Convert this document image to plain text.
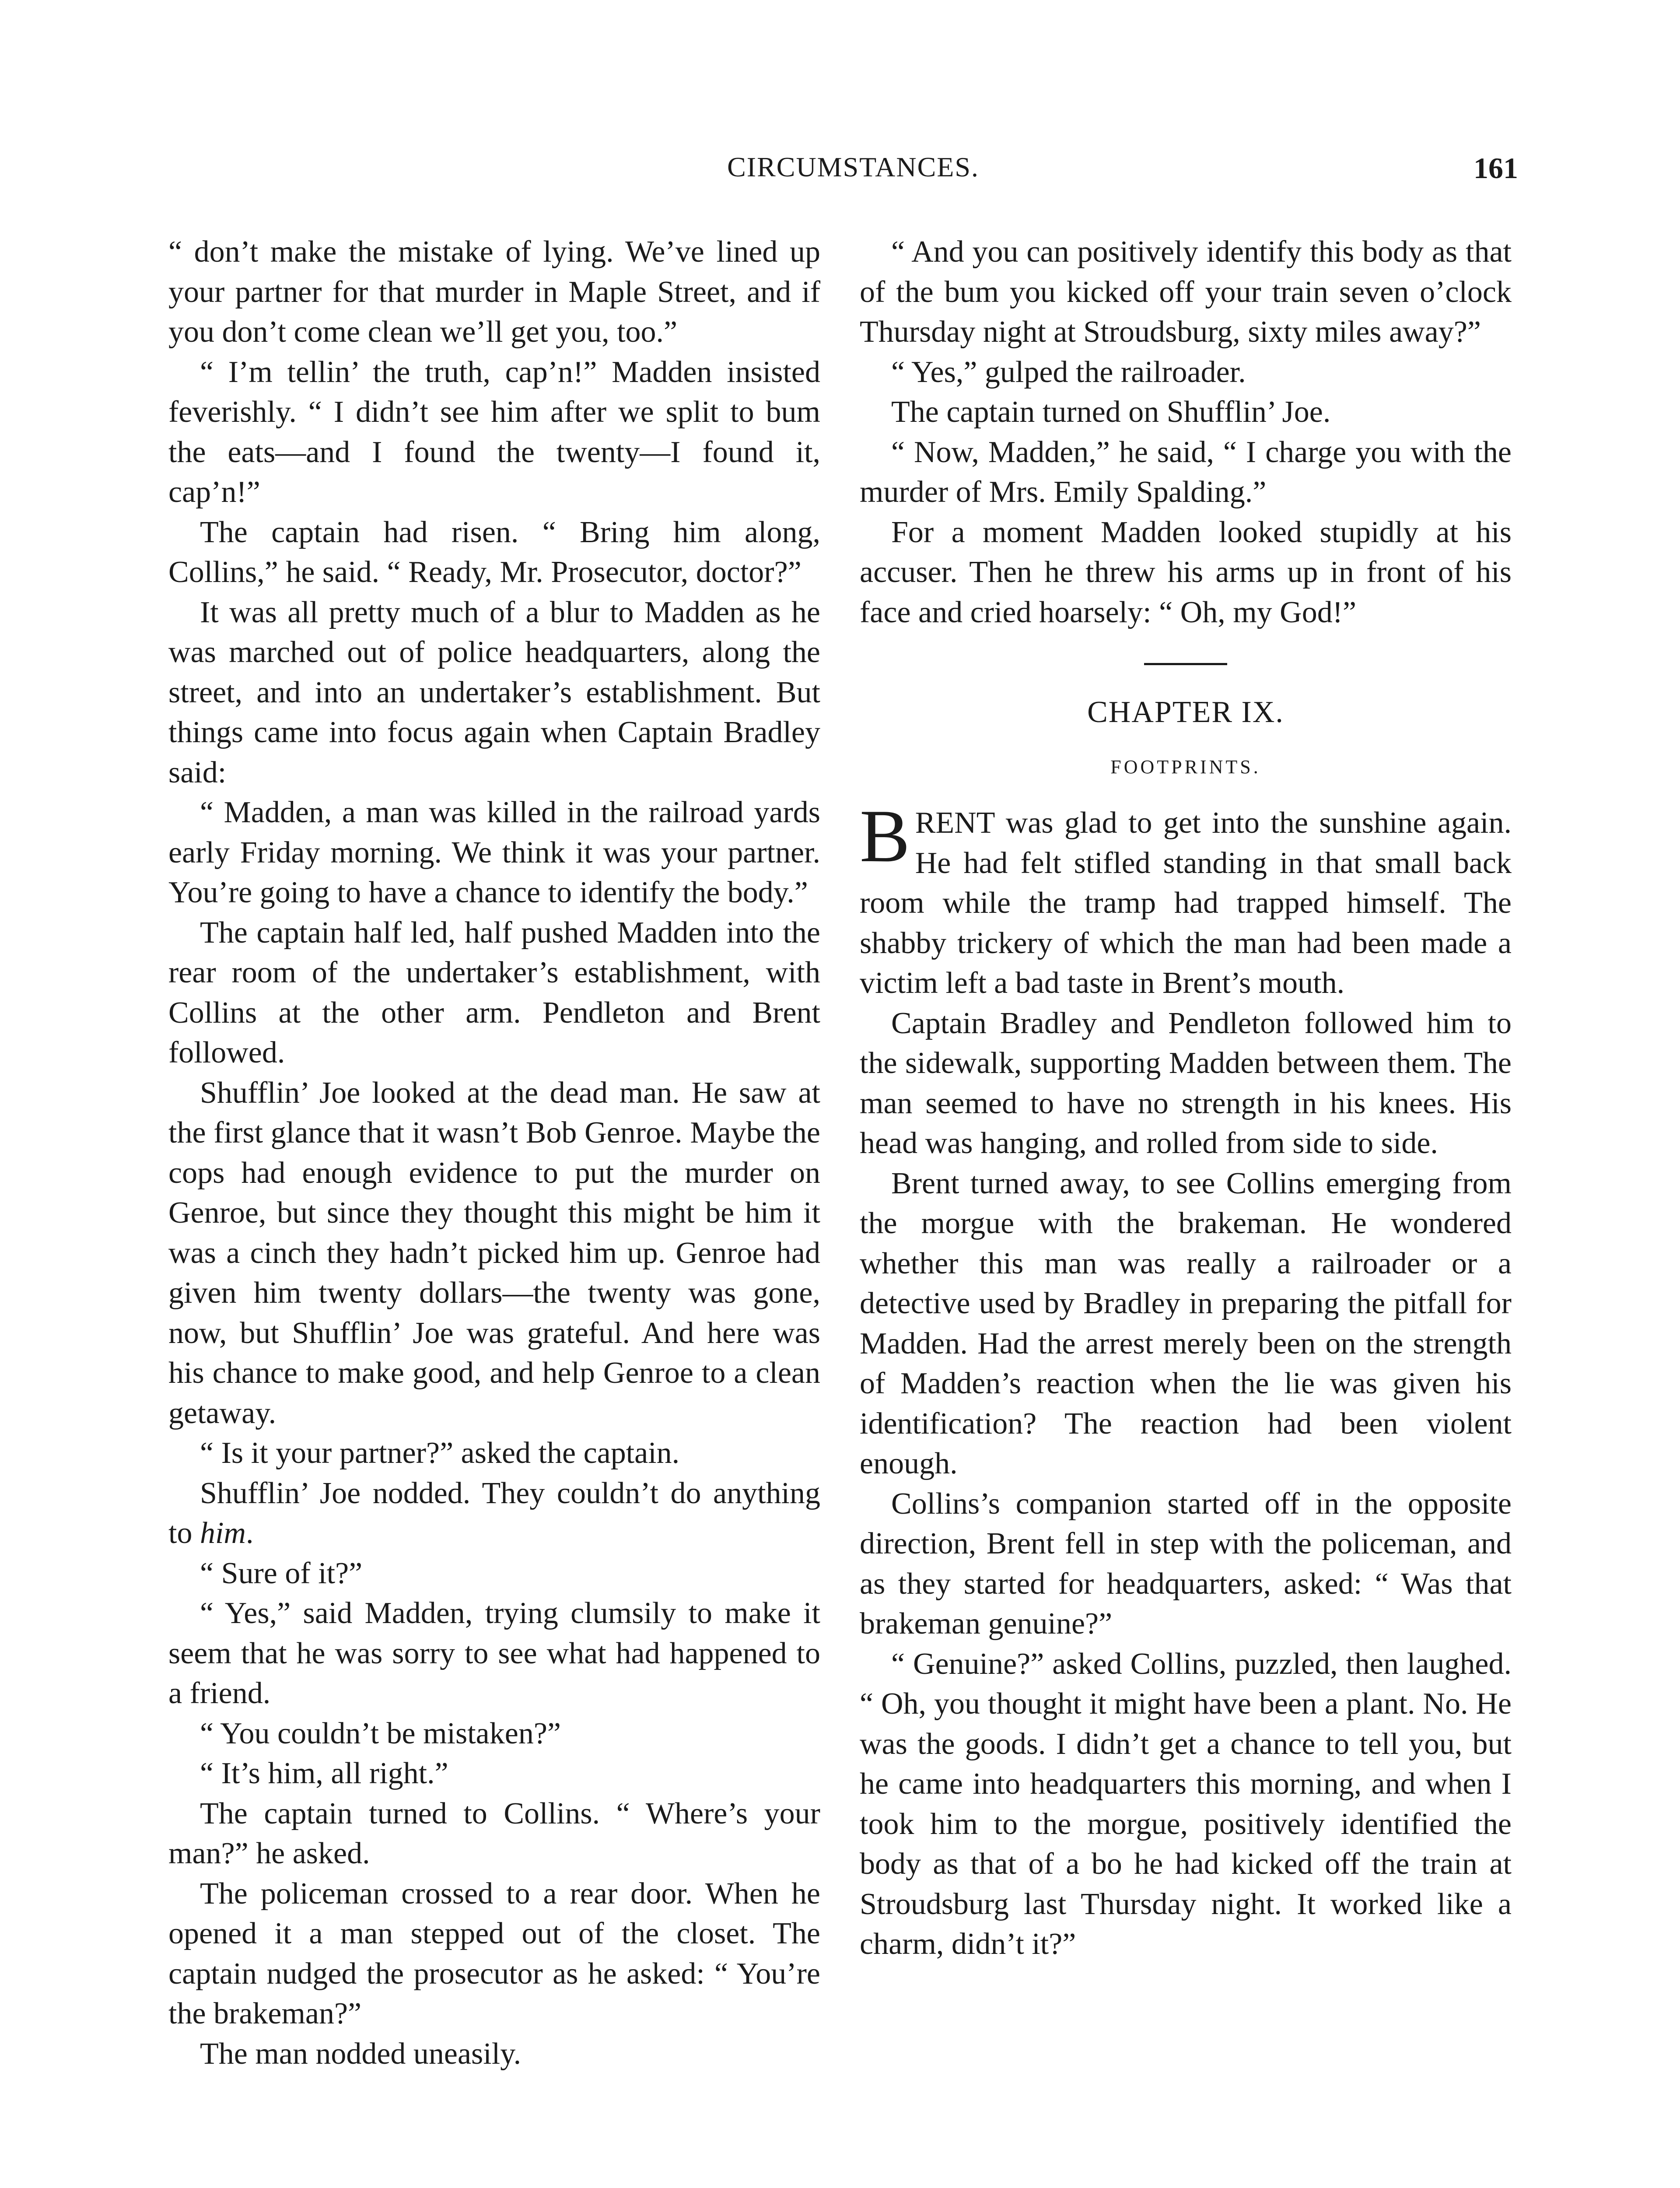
CIRCUMSTANCES.	161

“ don’t make the mistake of lying. We’ve lined up your partner for that murder in Maple Street, and if you don’t come clean we’ll get you, too.”

“ I’m tellin’ the truth, cap’n!” Madden insisted feverishly. “ I didn’t see him after we split to bum the eats—and I found the twenty—I found it, cap’n!”

The captain had risen. “ Bring him along, Collins,” he said. “ Ready, Mr. Prosecutor, doctor?”

It was all pretty much of a blur to Madden as he was marched out of police headquarters, along the street, and into an undertaker’s establishment. But things came into focus again when Captain Bradley said:

“ Madden, a man was killed in the railroad yards early Friday morning. We think it was your partner. You’re going to have a chance to identify the body.”

The captain half led, half pushed Madden into the rear room of the undertaker’s establishment, with Collins at the other arm. Pendleton and Brent followed.

Shufflin’ Joe looked at the dead man. He saw at the first glance that it wasn’t Bob Genroe. Maybe the cops had enough evidence to put the murder on Genroe, but since they thought this might be him it was a cinch they hadn’t picked him up. Genroe had given him twenty dollars—the twenty was gone, now, but Shufflin’ Joe was grateful. And here was his chance to make good, and help Genroe to a clean getaway.

“ Is it your partner?” asked the captain.

Shufflin’ Joe nodded. They couldn’t do anything to him.

“ Sure of it?”

“ Yes,” said Madden, trying clumsily to make it seem that he was sorry to see what had happened to a friend.

“ You couldn’t be mistaken?”

“ It’s him, all right.”

The captain turned to Collins. “ Where’s your man?” he asked.

The policeman crossed to a rear door. When he opened it a man stepped out of the closet. The captain nudged the prosecutor as he asked: “ You’re the brakeman?”

The man nodded uneasily.

“ And you can positively identify this body as that of the bum you kicked off your train seven o’clock Thursday night at Stroudsburg, sixty miles away?”

“ Yes,” gulped the railroader.

The captain turned on Shufflin’ Joe.

“ Now, Madden,” he said, “ I charge you with the murder of Mrs. Emily Spalding.”

For a moment Madden looked stupidly at his accuser. Then he threw his arms up in front of his face and cried hoarsely: “ Oh, my God!”

CHAPTER IX.
FOOTPRINTS.

BRENT was glad to get into the sunshine again. He had felt stifled standing in that small back room while the tramp had trapped himself. The shabby trickery of which the man had been made a victim left a bad taste in Brent’s mouth.

Captain Bradley and Pendleton followed him to the sidewalk, supporting Madden between them. The man seemed to have no strength in his knees. His head was hanging, and rolled from side to side.

Brent turned away, to see Collins emerging from the morgue with the brakeman. He wondered whether this man was really a railroader or a detective used by Bradley in preparing the pitfall for Madden. Had the arrest merely been on the strength of Madden’s reaction when the lie was given his identification? The reaction had been violent enough.

Collins’s companion started off in the opposite direction, Brent fell in step with the policeman, and as they started for headquarters, asked: “ Was that brakeman genuine?”

“ Genuine?” asked Collins, puzzled, then laughed. “ Oh, you thought it might have been a plant. No. He was the goods. I didn’t get a chance to tell you, but he came into headquarters this morning, and when I took him to the morgue, positively identified the body as that of a bo he had kicked off the train at Stroudsburg last Thursday night. It worked like a charm, didn’t it?”
